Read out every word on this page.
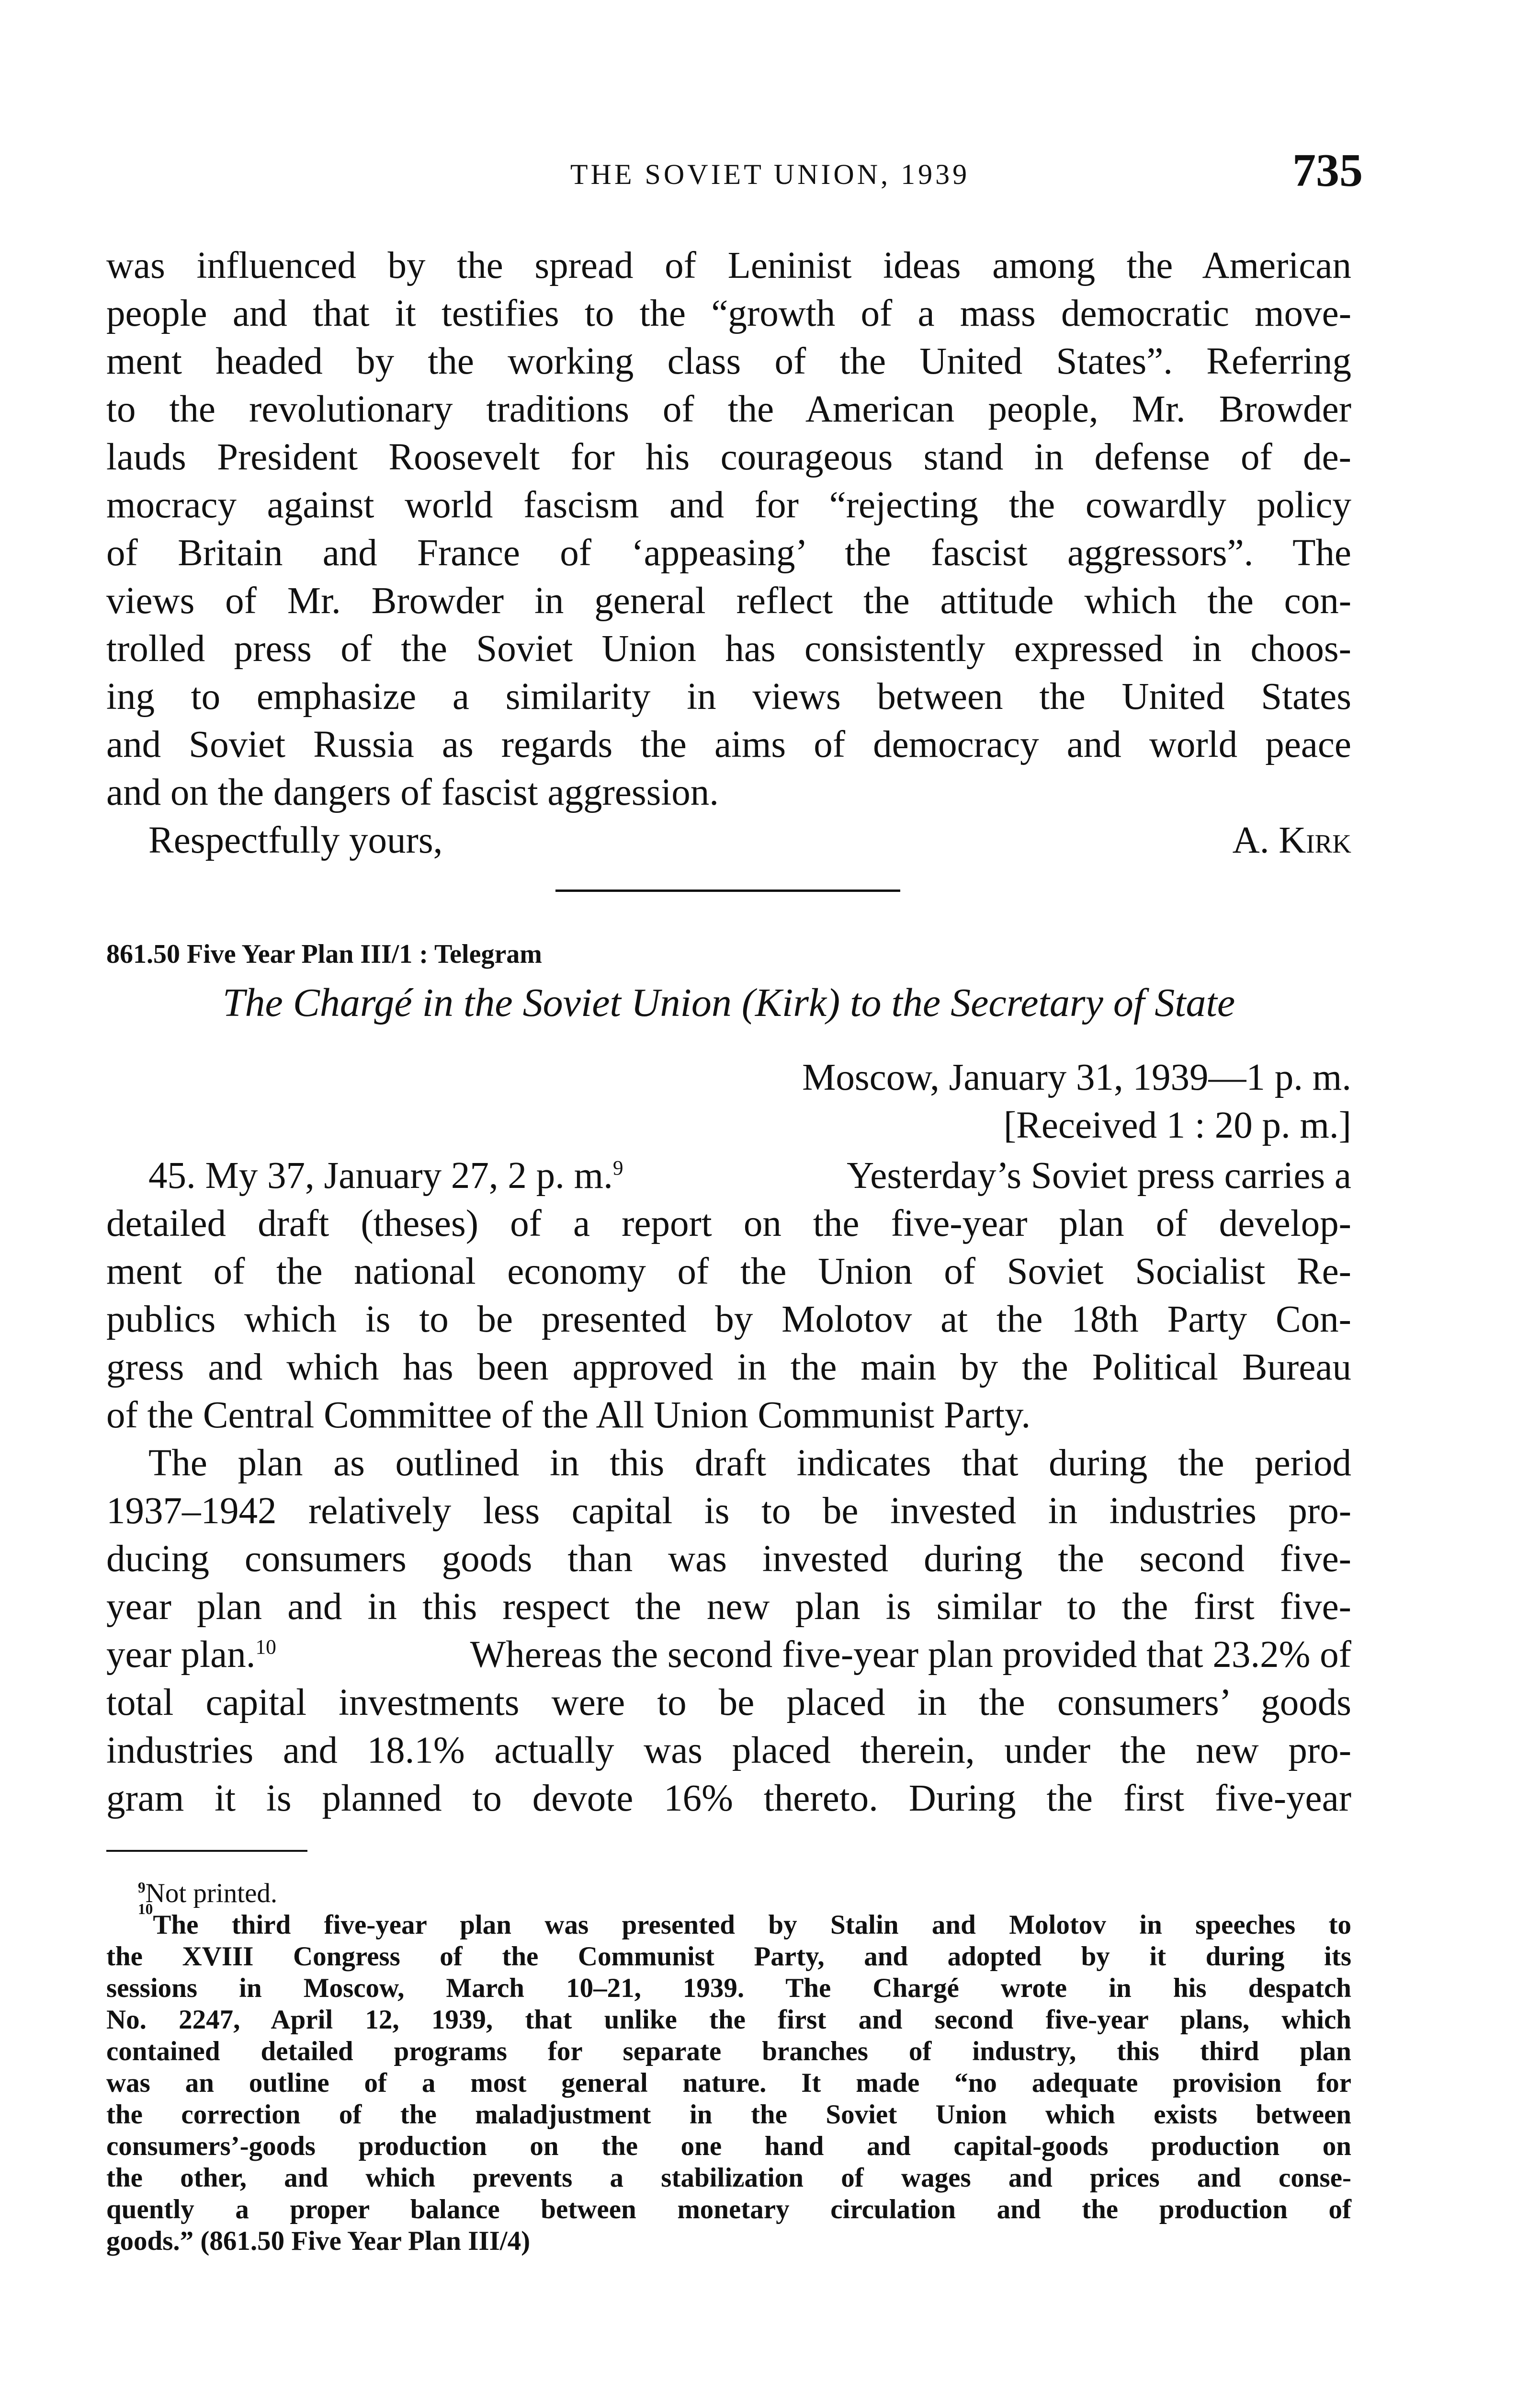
THE SOVIET UNION, 1939	735
was influenced by the spread of Leninist ideas among the American
people and that it testifies to the “growth of a mass democratic move-
ment headed by the working class of the United States”. Referring
to the revolutionary traditions of the American people, Mr. Browder
lauds President Roosevelt for his courageous stand in defense of de-
mocracy against world fascism and for “rejecting the cowardly policy
of Britain and France of ‘appeasing’ the fascist aggressors”. The
views of Mr. Browder in general reflect the attitude which the con-
trolled press of the Soviet Union has consistently expressed in choos-
ing to emphasize a similarity in views between the United States
and Soviet Russia as regards the aims of democracy and world peace
and on the dangers of fascist aggression.
Respectfully yours,	A. Kirk
861.50 Five Year Plan III/1 : Telegram
The Chargé in the Soviet Union (Kirk) to the Secretary of State
Moscow, January 31, 1939—1 p. m.
[Received 1 : 20 p. m.]
45. My 37, January 27, 2 p. m.$^9$	Yesterday’s Soviet press carries a
detailed draft (theses) of a report on the five-year plan of develop-
ment of the national economy of the Union of Soviet Socialist Re-
publics which is to be presented by Molotov at the 18th Party Con-
gress and which has been approved in the main by the Political Bureau
of the Central Committee of the All Union Communist Party.
The plan as outlined in this draft indicates that during the period
1937–1942 relatively less capital is to be invested in industries pro-
ducing consumers goods than was invested during the second five-
year plan and in this respect the new plan is similar to the first five-
year plan.$^{10}$	Whereas the second five-year plan provided that 23.2% of
total capital investments were to be placed in the consumers’ goods
industries and 18.1% actually was placed therein, under the new pro-
gram it is planned to devote 16% thereto. During the first five-year
$^9$Not printed.
10
The third five-year plan was presented by Stalin and Molotov in speeches to
the XVIII Congress of the Communist Party, and adopted by it during its
sessions in Moscow, March 10–21, 1939. The Chargé wrote in his despatch
No. 2247, April 12, 1939, that unlike the first and second five-year plans, which
contained detailed programs for separate branches of industry, this third plan
was an outline of a most general nature. It made “no adequate provision for
the correction of the maladjustment in the Soviet Union which exists between
consumers’-goods production on the one hand and capital-goods production on
the other, and which prevents a stabilization of wages and prices and conse-
quently a proper balance between monetary circulation and the production of
goods.” (861.50 Five Year Plan III/4)
